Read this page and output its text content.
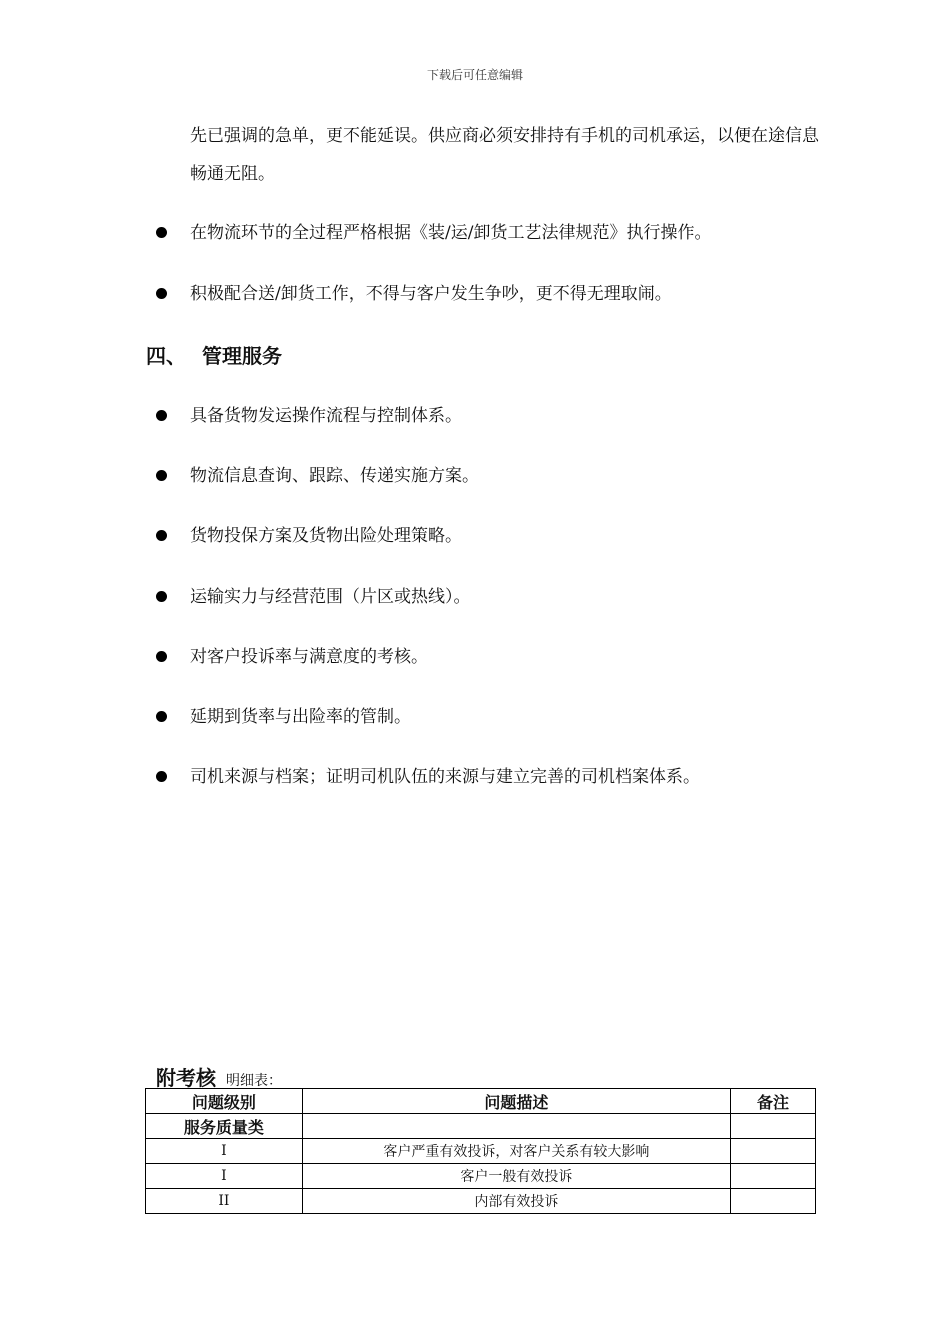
下载后可任意编辑
先已强调的急单，更不能延误。供应商必须安排持有手机的司机承运，以便在途信息畅通无阻。
在物流环节的全过程严格根据《装/运/卸货工艺法律规范》执行操作。
积极配合送/卸货工作，不得与客户发生争吵，更不得无理取闹。
四、 管理服务
具备货物发运操作流程与控制体系。
物流信息查询、跟踪、传递实施方案。
货物投保方案及货物出险处理策略。
运输实力与经营范围（片区或热线）。
对客户投诉率与满意度的考核。
延期到货率与出险率的管制。
司机来源与档案；证明司机队伍的来源与建立完善的司机档案体系。
附考核 明细表：
问题级别	问题描述	备注
服务质量类		
I	客户严重有效投诉，对客户关系有较大影响	
I	客户一般有效投诉	
II	内部有效投诉	
